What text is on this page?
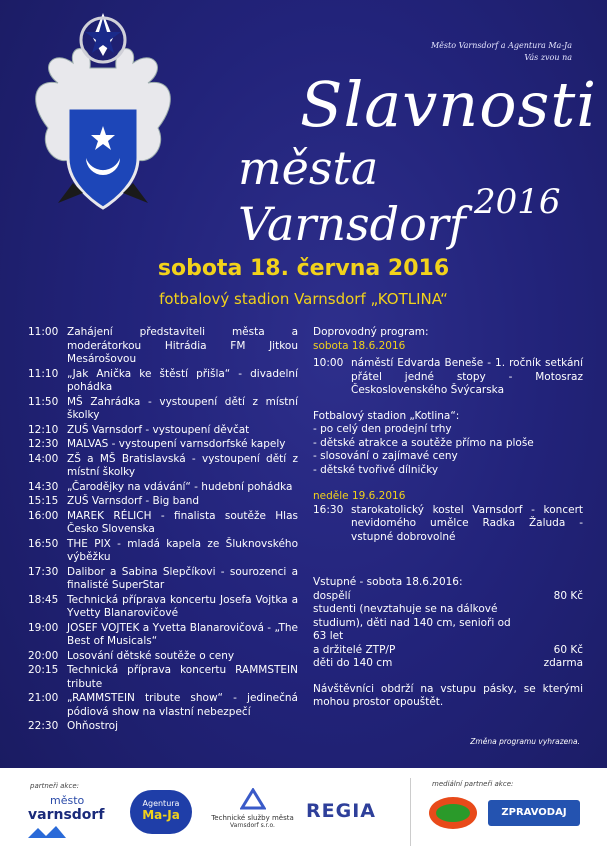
Město Varnsdorf a Agentura Ma-Ja
Vás zvou na
Slavnosti
města Varnsdorf 2016
sobota 18. června 2016
fotbalový stadion Varnsdorf „KOTLINA“
11:00 Zahájení představiteli města a moderátorkou Hitrádia FM Jitkou Mesárošovou
11:10 „Jak Anička ke štěstí přišla“ - divadelní pohádka
11:50 MŠ Zahrádka - vystoupení dětí z místní školky
12:10 ZUŠ Varnsdorf - vystoupení děvčat
12:30 MALVAS - vystoupení varnsdorfské kapely
14:00 ZŠ a MŠ Bratislavská - vystoupení dětí z místní školky
14:30 „Čarodějky na vdávání“ - hudební pohádka
15:15 ZUŠ Varnsdorf - Big band
16:00 MAREK RÉLICH - finalista soutěže Hlas Česko Slovenska
16:50 THE PIX - mladá kapela ze Šluknovského výběžku
17:30 Dalibor a Sabina Slepčíkovi - sourozenci a finalisté SuperStar
18:45 Technická příprava koncertu Josefa Vojtka a Yvetty Blanarovičové
19:00 JOSEF VOJTEK a Yvetta Blanarovičová - „The Best of Musicals“
20:00 Losování dětské soutěže o ceny
20:15 Technická příprava koncertu RAMMSTEIN tribute
21:00 „RAMMSTEIN tribute show“ - jedinečná pódiová show na vlastní nebezpečí
22:30 Ohňostroj
Doprovodný program:
sobota 18.6.2016
10:00 náměstí Edvarda Beneše - 1. ročník setkání přátel jedné stopy - Motosraz Československého Švýcarska
Fotbalový stadion „Kotlina“:
- po celý den prodejní trhy
- dětské atrakce a soutěže přímo na ploše
- slosování o zajímavé ceny
- dětské tvořivé dílničky
neděle 19.6.2016
16:30 starokatolický kostel Varnsdorf - koncert nevidomého umělce Radka Žaluda - vstupné dobrovolné
Vstupné - sobota 18.6.2016:
dospělí	80 Kč
studenti (nevztahuje se na dálkové studium), děti nad 140 cm, senioři od 63 let
a držitelé ZTP/P	60 Kč
děti do 140 cm	zdarma
Návštěvníci obdrží na vstupu pásky, se kterými mohou prostor opouštět.
Změna programu vyhrazena.
partneři akce:	mediální partneři akce:
město
varnsdorf
Agentura
Ma-Ja	Technické služby města
Varnsdorf s.r.o.
REGIA	ZPRAVODAJ
